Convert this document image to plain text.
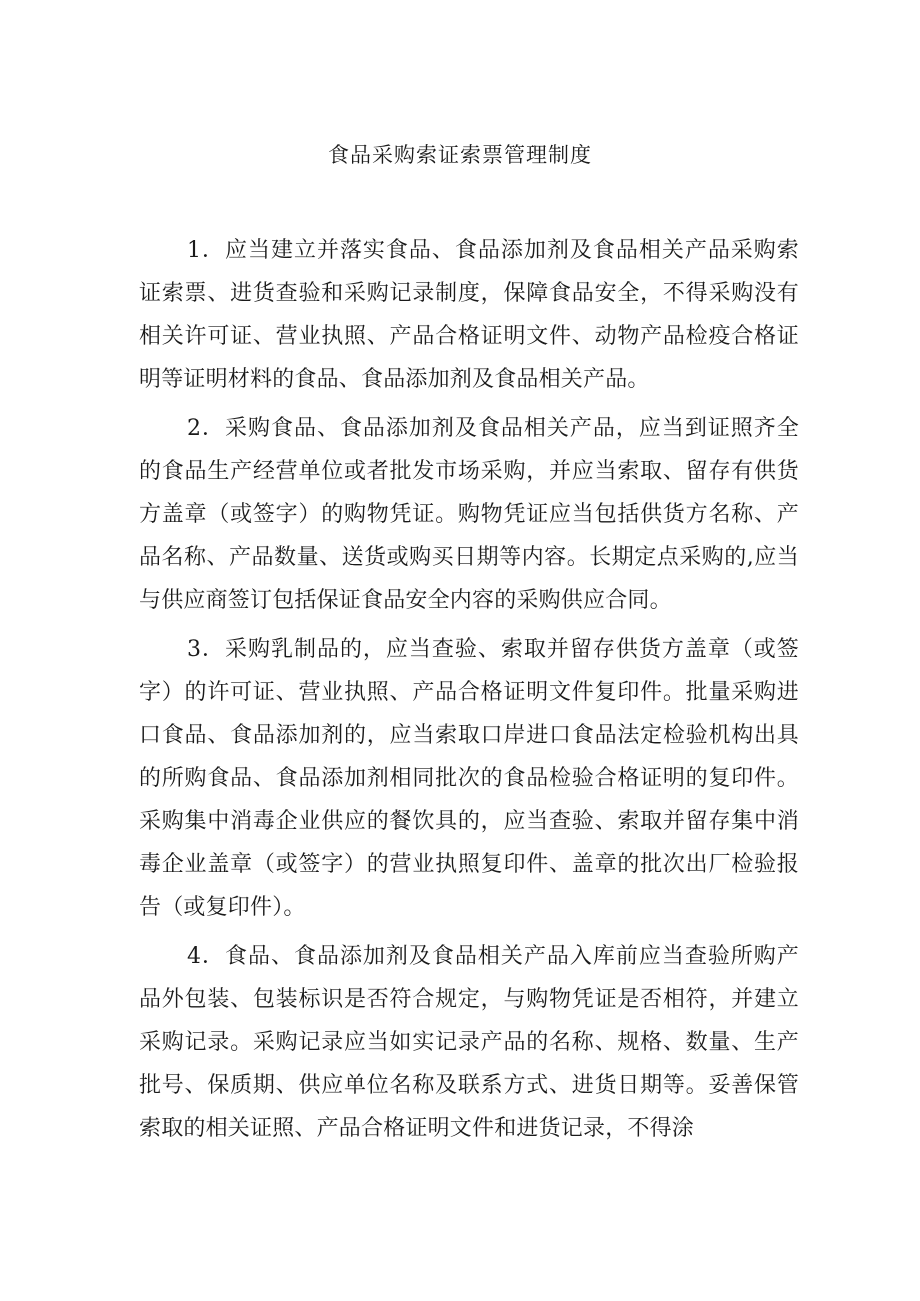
食品采购索证索票管理制度

1．应当建立并落实食品、食品添加剂及食品相关产品采购索证索票、进货查验和采购记录制度，保障食品安全，不得采购没有相关许可证、营业执照、产品合格证明文件、动物产品检疫合格证明等证明材料的食品、食品添加剂及食品相关产品。

2．采购食品、食品添加剂及食品相关产品，应当到证照齐全的食品生产经营单位或者批发市场采购，并应当索取、留存有供货方盖章（或签字）的购物凭证。购物凭证应当包括供货方名称、产品名称、产品数量、送货或购买日期等内容。长期定点采购的,应当与供应商签订包括保证食品安全内容的采购供应合同。

3．采购乳制品的，应当查验、索取并留存供货方盖章（或签字）的许可证、营业执照、产品合格证明文件复印件。批量采购进口食品、食品添加剂的，应当索取口岸进口食品法定检验机构出具的所购食品、食品添加剂相同批次的食品检验合格证明的复印件。采购集中消毒企业供应的餐饮具的，应当查验、索取并留存集中消毒企业盖章（或签字）的营业执照复印件、盖章的批次出厂检验报告（或复印件）。

4．食品、食品添加剂及食品相关产品入库前应当查验所购产品外包装、包装标识是否符合规定，与购物凭证是否相符，并建立采购记录。采购记录应当如实记录产品的名称、规格、数量、生产批号、保质期、供应单位名称及联系方式、进货日期等。妥善保管索取的相关证照、产品合格证明文件和进货记录，不得涂
